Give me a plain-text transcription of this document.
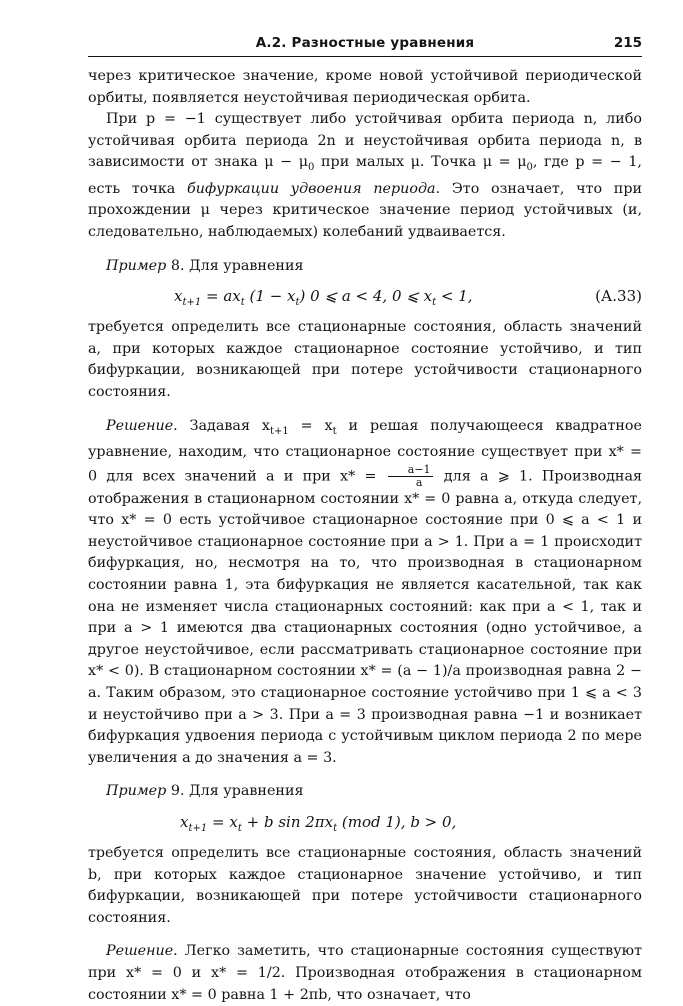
А.2. Разностные уравнения	215

через критическое значение, кроме новой устойчивой периодической орбиты, появляется неустойчивая периодическая орбита.

При p = −1 существует либо устойчивая орбита периода n, либо устойчивая орбита периода 2n и неустойчивая орбита периода n, в зависимости от знака $\mu - \mu_0$ при малых μ. Точка $\mu = \mu_0$, где p = − 1, есть точка бифуркации удвоения периода. Это означает, что при прохождении μ через критическое значение период устойчивых (и, следовательно, наблюдаемых) колебаний удваивается.

Пример 8. Для уравнения

$x_{t+1} = ax_t$ $(1 - x_t)$ 0 ⩽ a < 4, 0 ⩽ $x_t < 1$,	(А.33)

требуется определить все стационарные состояния, область значений a, при которых каждое стационарное состояние устойчиво, и тип бифуркации, возникающей при потере устойчивости стационарного состояния.

Решение. Задавая $x_{t+1} = x_t$ и решая получающееся квадратное уравнение, находим, что стационарное состояние существует при x* = 0 для всех значений a и при $x* = \frac{a-1}{a}$ для a ⩾ 1. Производная отображения в стационарном состоянии x* = 0 равна a, откуда следует, что x* = 0 есть устойчивое стационарное состояние при 0 ⩽ a < 1 и неустойчивое стационарное состояние при a > 1. При a = 1 происходит бифуркация, но, несмотря на то, что производная в стационарном состоянии равна 1, эта бифуркация не является касательной, так как она не изменяет числа стационарных состояний: как при a < 1, так и при a > 1 имеются два стационарных состояния (одно устойчивое, а другое неустойчивое, если рассматривать стационарное состояние при x* < 0). В стационарном состоянии x* = (a − 1)/a производная равна 2 − a. Таким образом, это стационарное состояние устойчиво при 1 ⩽ a < 3 и неустойчиво при a > 3. При a = 3 производная равна −1 и возникает бифуркация удвоения периода с устойчивым циклом периода 2 по мере увеличения a до значения a = 3.

Пример 9. Для уравнения

$x_{t+1} = x_t + b$ $\sin 2\pi x_t$ (mod 1), b > 0,

требуется определить все стационарные состояния, область значений b, при которых каждое стационарное значение устойчиво, и тип бифуркации, возникающей при потере устойчивости стационарного состояния.

Решение. Легко заметить, что стационарные состояния существуют при x* = 0 и x* = 1/2. Производная отображения в стационарном состоянии x* = 0 равна 1 + 2πb, что означает, что
